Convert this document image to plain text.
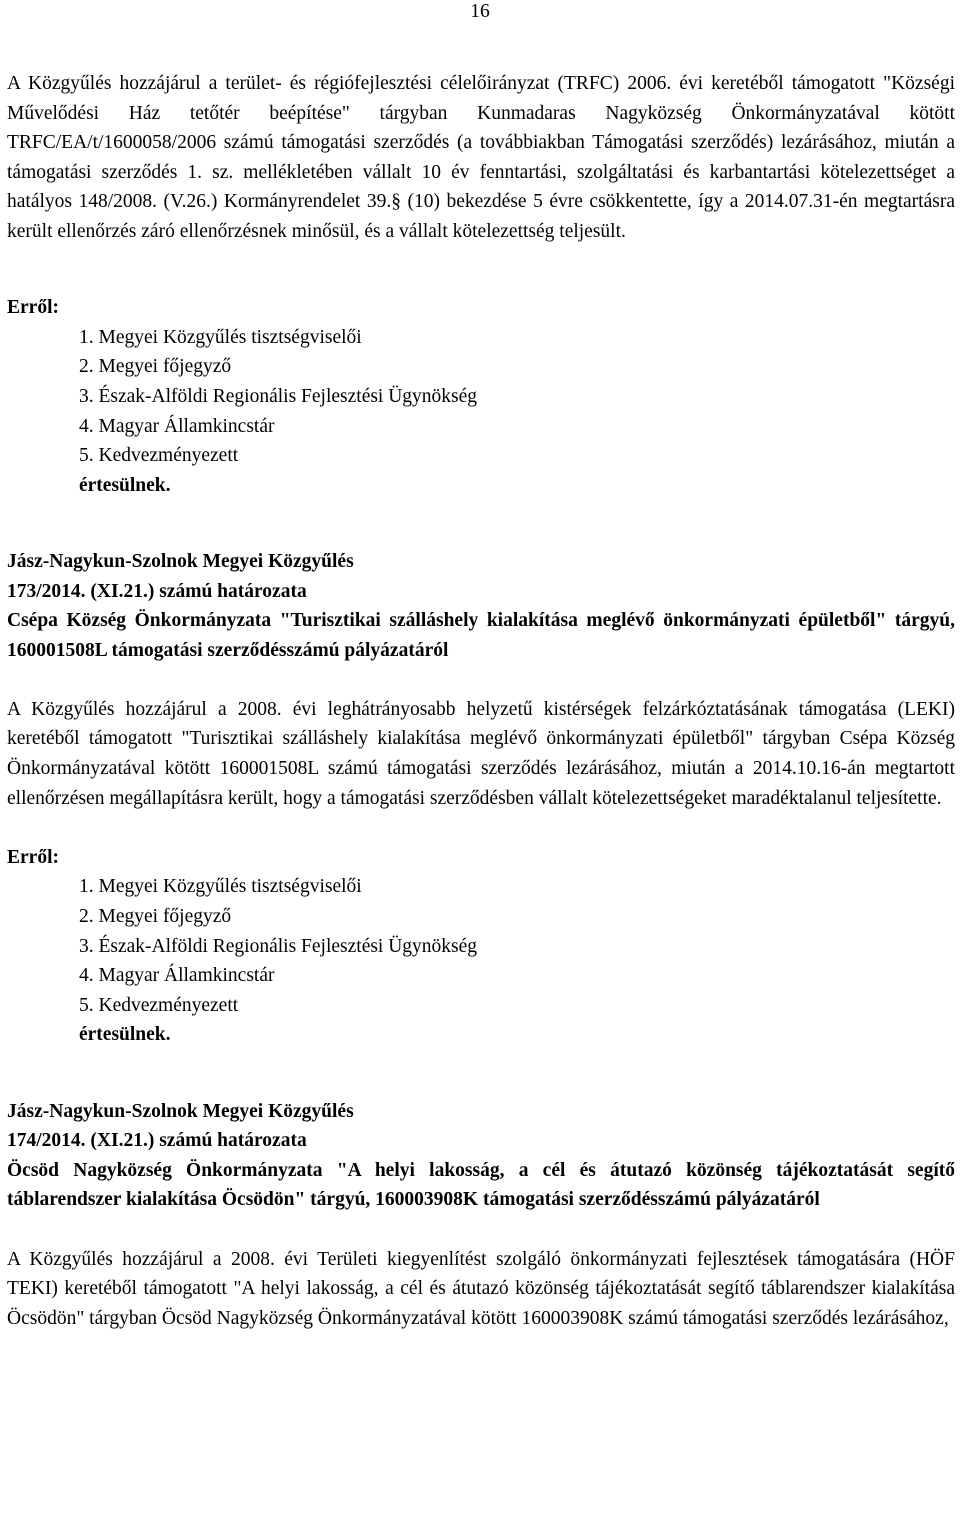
16

A Közgyűlés hozzájárul a terület- és régiófejlesztési célelőirányzat (TRFC) 2006. évi keretéből támogatott "Községi Művelődési Ház tetőtér beépítése" tárgyban Kunmadaras Nagyközség Önkormányzatával kötött TRFC/EA/t/1600058/2006 számú támogatási szerződés (a továbbiakban Támogatási szerződés) lezárásához, miután a támogatási szerződés 1. sz. mellékletében vállalt 10 év fenntartási, szolgáltatási és karbantartási kötelezettséget a hatályos 148/2008. (V.26.) Kormányrendelet 39.§ (10) bekezdése 5 évre csökkentette, így a 2014.07.31-én megtartásra került ellenőrzés záró ellenőrzésnek minősül, és a vállalt kötelezettség teljesült.

Erről:

1. Megyei Közgyűlés tisztségviselői
2. Megyei főjegyző
3. Észak-Alföldi Regionális Fejlesztési Ügynökség
4. Magyar Államkincstár
5. Kedvezményezett

értesülnek.

Jász-Nagykun-Szolnok Megyei Közgyűlés

173/2014. (XI.21.) számú határozata

Csépa Község Önkormányzata "Turisztikai szálláshely kialakítása meglévő önkormányzati épületből" tárgyú, 160001508L támogatási szerződésszámú pályázatáról

A Közgyűlés hozzájárul a 2008. évi leghátrányosabb helyzetű kistérségek felzárkóztatásának támogatása (LEKI) keretéből támogatott "Turisztikai szálláshely kialakítása meglévő önkormányzati épületből" tárgyban Csépa Község Önkormányzatával kötött 160001508L számú támogatási szerződés lezárásához, miután a 2014.10.16-án megtartott ellenőrzésen megállapításra került, hogy a támogatási szerződésben vállalt kötelezettségeket maradéktalanul teljesítette.

Erről:

1. Megyei Közgyűlés tisztségviselői
2. Megyei főjegyző
3. Észak-Alföldi Regionális Fejlesztési Ügynökség
4. Magyar Államkincstár
5. Kedvezményezett

értesülnek.

Jász-Nagykun-Szolnok Megyei Közgyűlés

174/2014. (XI.21.) számú határozata

Öcsöd Nagyközség Önkormányzata "A helyi lakosság, a cél és átutazó közönség tájékoztatását segítő táblarendszer kialakítása Öcsödön" tárgyú, 160003908K támogatási szerződésszámú pályázatáról

A Közgyűlés hozzájárul a 2008. évi Területi kiegyenlítést szolgáló önkormányzati fejlesztések támogatására (HÖF TEKI) keretéből támogatott "A helyi lakosság, a cél és átutazó közönség tájékoztatását segítő táblarendszer kialakítása Öcsödön" tárgyban Öcsöd Nagyközség Önkormányzatával kötött 160003908K számú támogatási szerződés lezárásához,
